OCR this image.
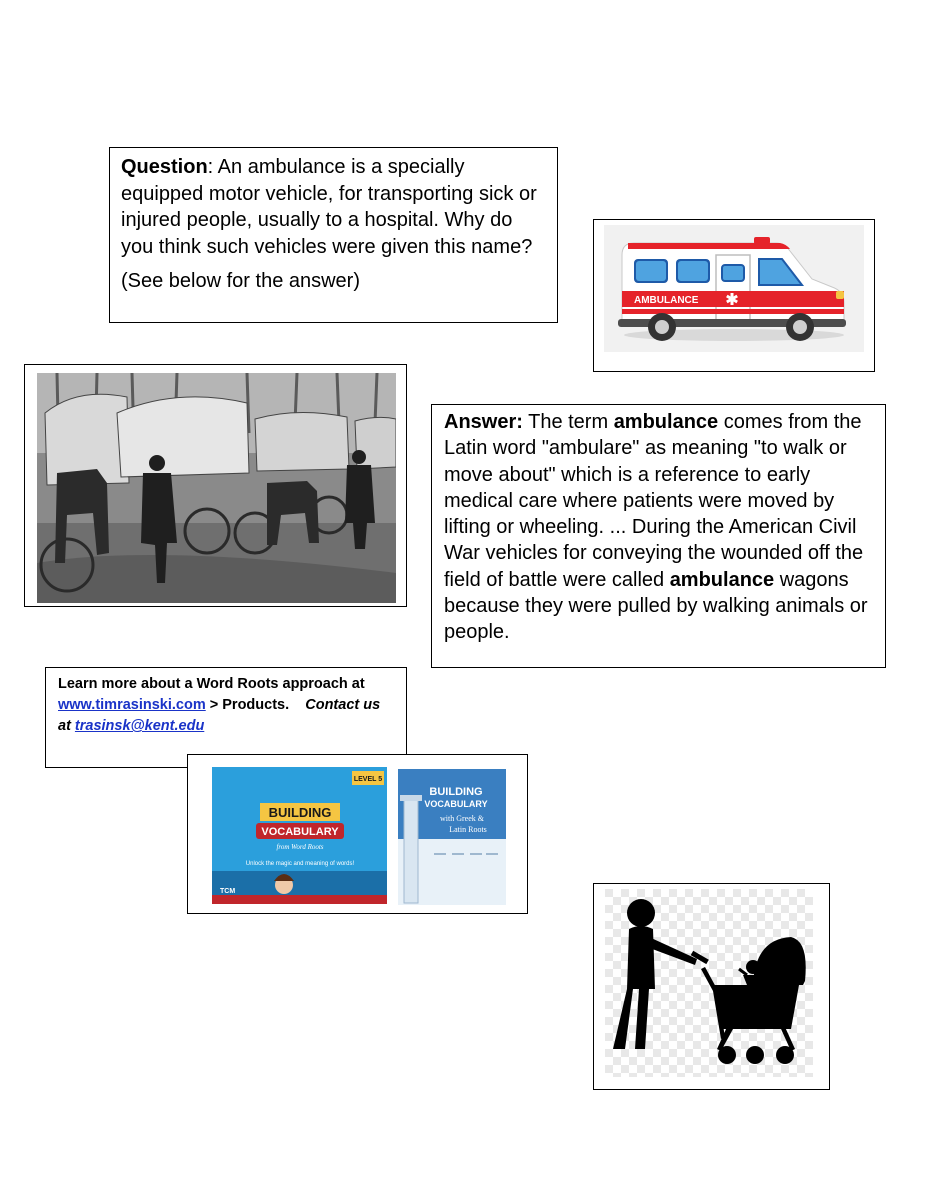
Question: An ambulance is a specially equipped motor vehicle, for transporting sick or injured people, usually to a hospital. Why do you think such vehicles were given this name?

(See below for the answer)

AMBULANCE

Answer: The term ambulance comes from the Latin word "ambulare" as meaning "to walk or move about" which is a reference to early medical care where patients were moved by lifting or wheeling. ... During the American Civil War vehicles for conveying the wounded off the field of battle were called ambulance wagons because they were pulled by walking animals or people.

Learn more about a Word Roots approach at www.timrasinski.com > Products.    Contact us at trasinsk@kent.edu

LEVEL 5
BUILDING
VOCABULARY
from Word Roots
Unlock the magic and meaning of words!
TCM
BUILDING
VOCABULARY
with Greek &
Latin Roots
